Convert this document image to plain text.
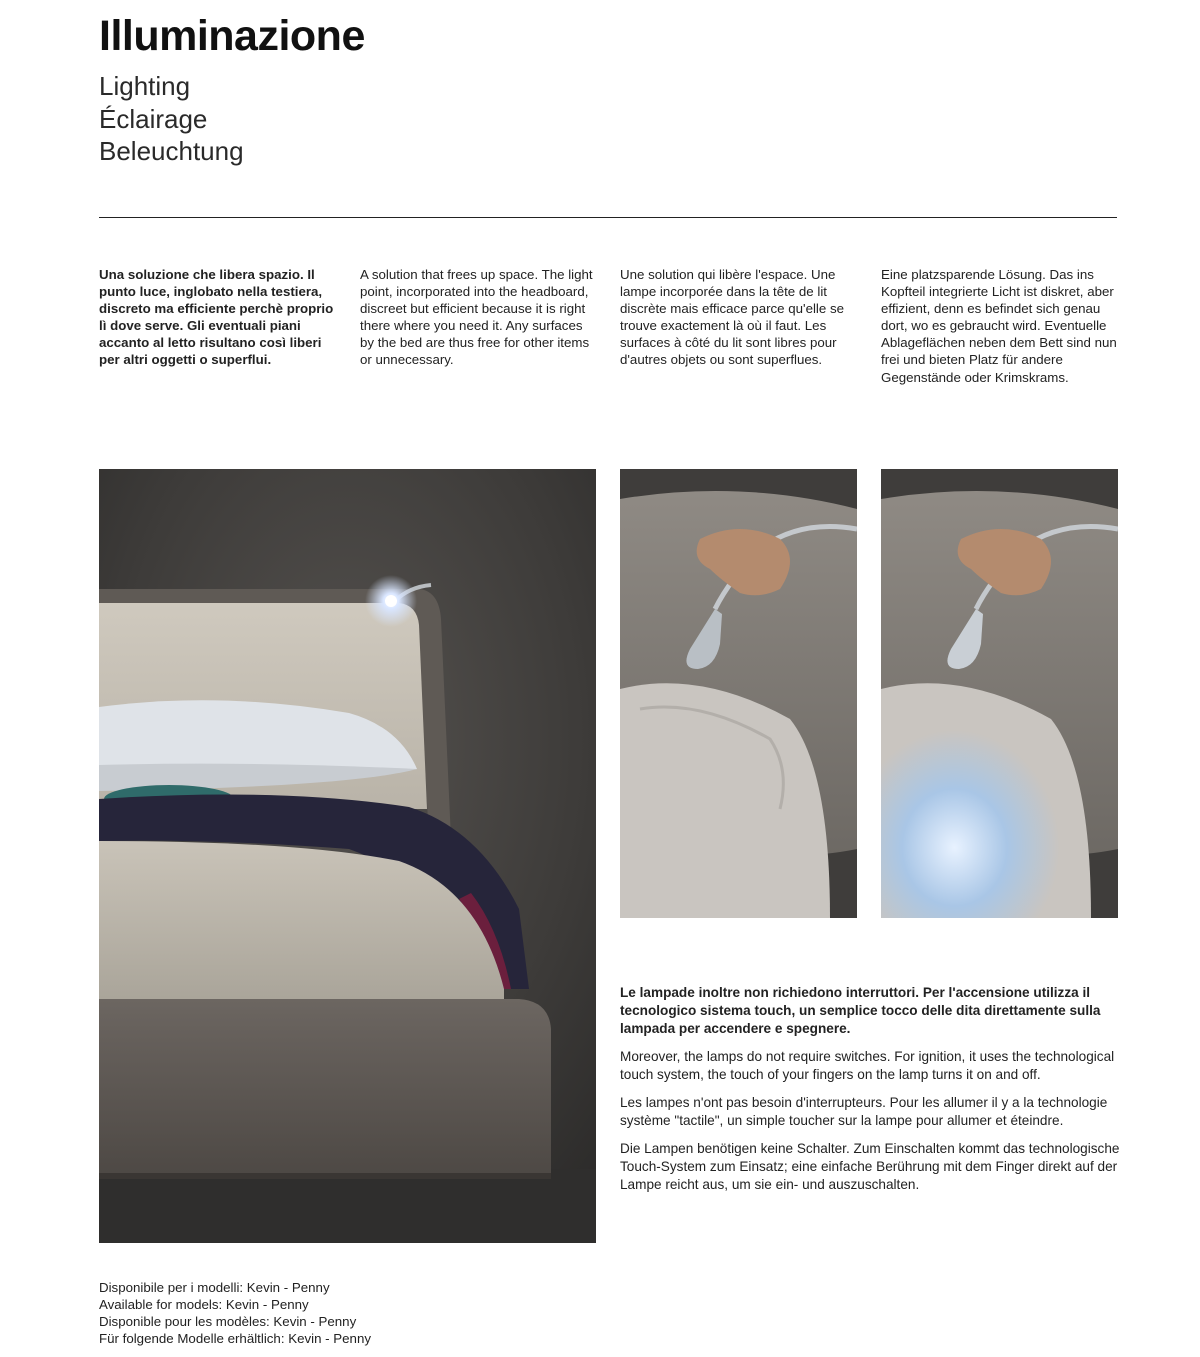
Illuminazione
Lighting
Éclairage
Beleuchtung
Una soluzione che libera spazio. Il punto luce, inglobato nella testiera, discreto ma efficiente perchè proprio lì dove serve. Gli eventuali piani accanto al letto risultano così liberi per altri oggetti o superflui.
A solution that frees up space. The light point, incorporated into the headboard, discreet but efficient because it is right there where you need it. Any surfaces by the bed are thus free for other items or unnecessary.
Une solution qui libère l'espace. Une lampe incorporée dans la tête de lit discrète mais efficace parce qu'elle se trouve exactement là où il faut. Les surfaces à côté du lit sont libres pour d'autres objets ou sont superflues.
Eine platzsparende Lösung. Das ins Kopfteil integrierte Licht ist diskret, aber effizient, denn es befindet sich genau dort, wo es gebraucht wird. Eventuelle Ablageflächen neben dem Bett sind nun frei und bieten Platz für andere Gegenstände oder Krimskrams.

Le lampade inoltre non richiedono interruttori. Per l'accensione utilizza il tecnologico sistema touch, un semplice tocco delle dita direttamente sulla lampada per accendere e spegnere.

Moreover, the lamps do not require switches. For ignition, it uses the technological touch system, the touch of your fingers on the lamp turns it on and off.

Les lampes n'ont pas besoin d'interrupteurs. Pour les allumer il y a la technologie système "tactile", un simple toucher sur la lampe pour allumer et éteindre.

Die Lampen benötigen keine Schalter. Zum Einschalten kommt das technologische Touch-System zum Einsatz; eine einfache Berührung mit dem Finger direkt auf der Lampe reicht aus, um sie ein- und auszuschalten.

Disponibile per i modelli: Kevin - Penny
Available for models: Kevin - Penny
Disponible pour les modèles: Kevin - Penny
Für folgende Modelle erhältlich: Kevin - Penny
